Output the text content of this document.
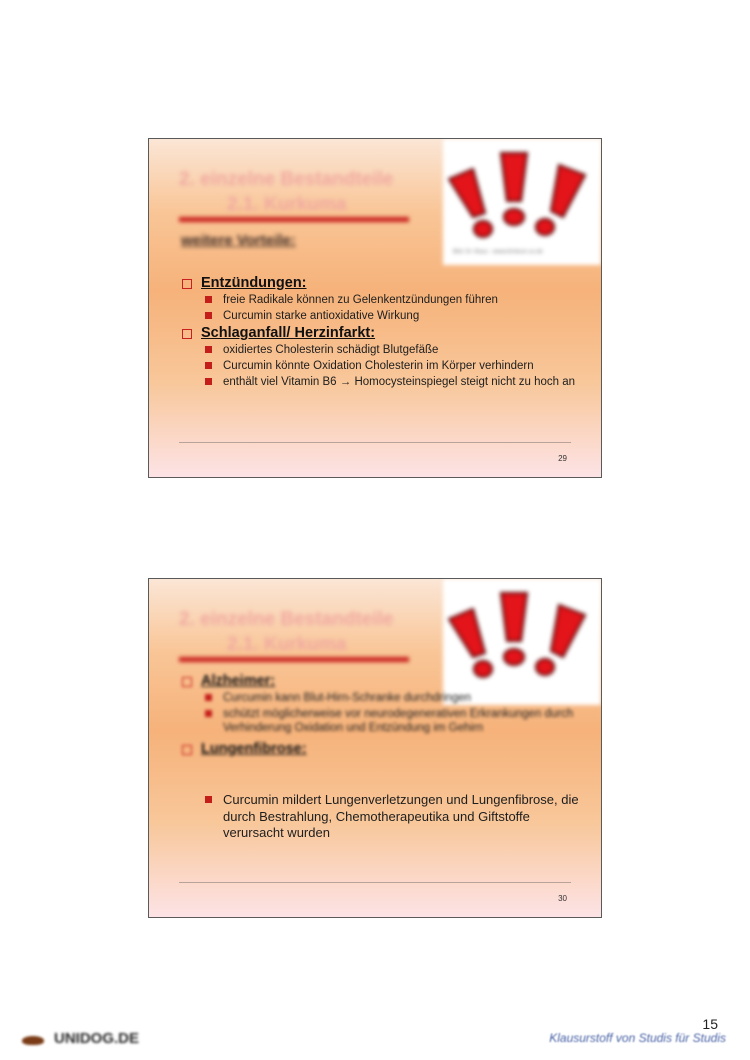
2. einzelne Bestandteile
2.1. Kurkuma
weitere Vorteile:
Bild: Dr. Klaus - www.klinikum-xx.de
Entzündungen:
freie Radikale können zu Gelenkentzündungen führen
Curcumin starke antioxidative Wirkung
Schlaganfall/ Herzinfarkt:
oxidiertes Cholesterin schädigt Blutgefäße
Curcumin könnte Oxidation Cholesterin im Körper verhindern
enthält viel Vitamin B6 → Homocysteinspiegel steigt nicht zu hoch an
29
2. einzelne Bestandteile
2.1. Kurkuma
Alzheimer:
Curcumin kann Blut-Hirn-Schranke durchdringen
schützt möglicherweise vor neurodegenerativen Erkrankungen durch Verhinderung Oxidation und Entzündung im Gehirn
Lungenfibrose:
Curcumin mildert Lungenverletzungen und Lungenfibrose, die durch Bestrahlung, Chemotherapeutika und Giftstoffe verursacht wurden
30
15
UNIDOG.DE	Klausurstoff von Studis für Studis
